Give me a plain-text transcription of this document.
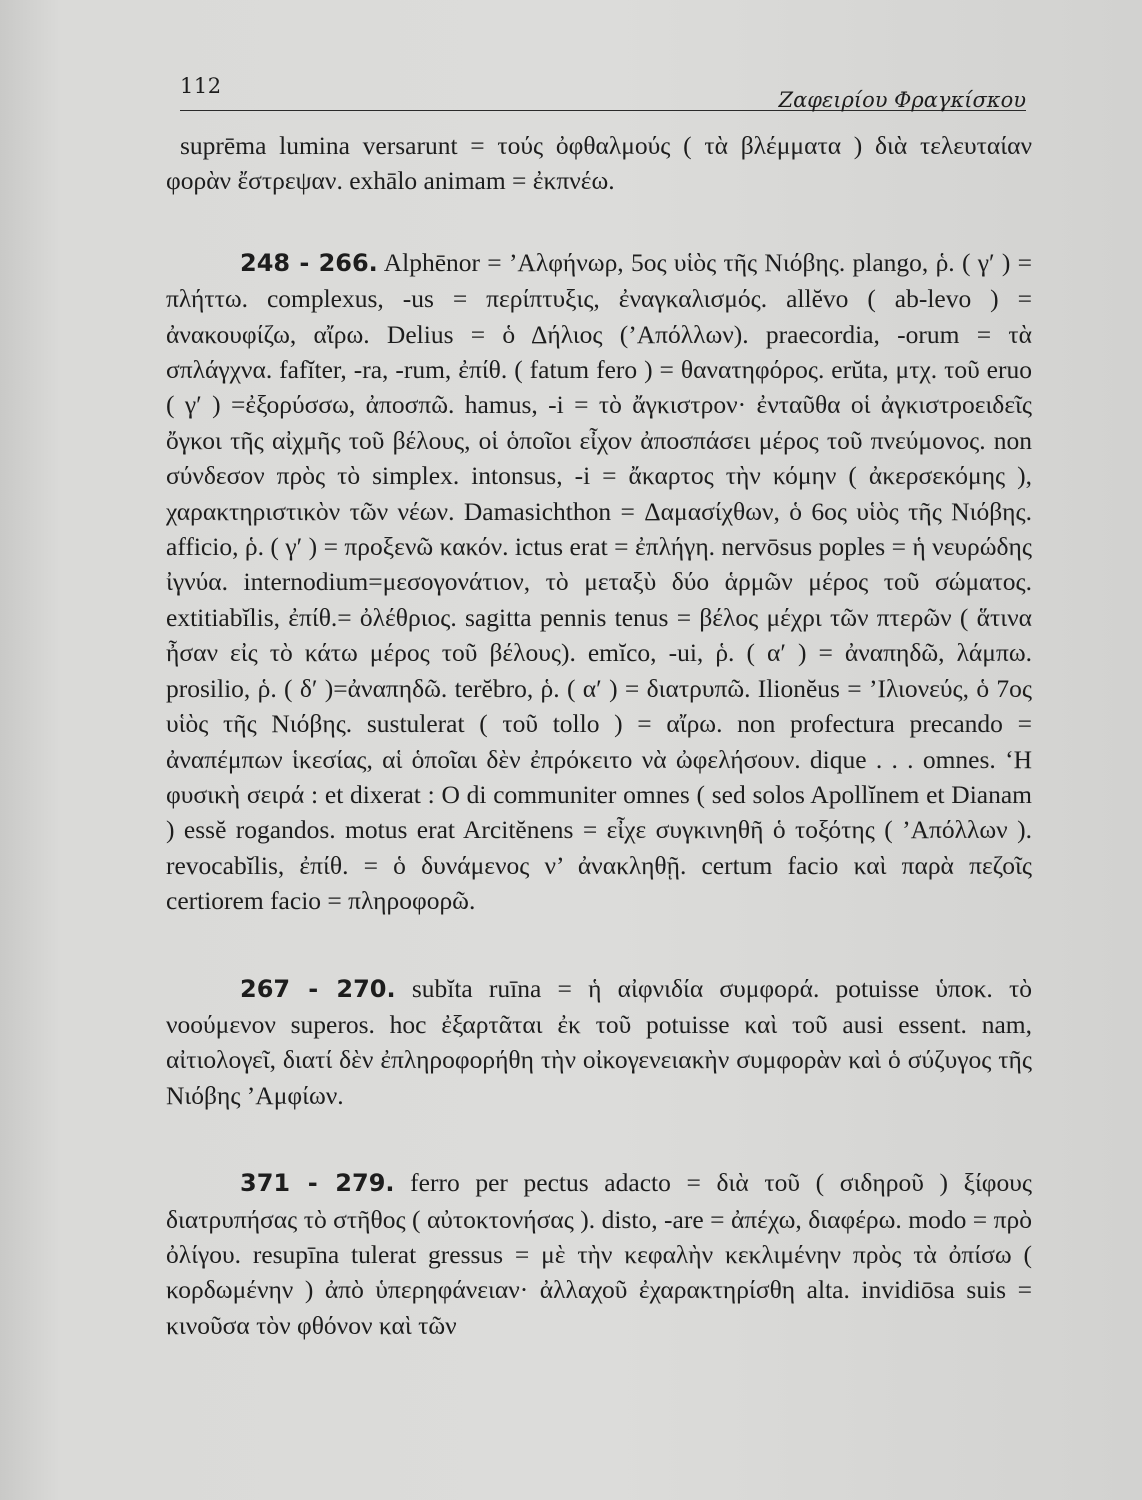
112
Ζαφειρίου Φραγκίσκου

suprēma lumina versarunt = τούς ὀφθαλμούς ( τὰ βλέμματα ) διὰ τελευταίαν φορὰν ἔστρεψαν. exhālo animam = ἐκπνέω.

248 - 266. Alphēnor = ’Αλφήνωρ, 5ος υἱὸς τῆς Νιόβης. plango, ῥ. ( γ′ ) = πλήττω. complexus, -us = περίπτυξις, ἐναγκαλισμός. allĕvo ( ab-levo ) = ἀνακουφίζω, αἴρω. Delius = ὁ Δήλιος (’Απόλλων). praecordia, -orum = τὰ σπλάγχνα. fafĭter, -ra, -rum, ἐπίθ. ( fatum fero ) = θανατηφόρος. erŭta, μτχ. τοῦ eruo ( γ′ ) =ἐξορύσσω, ἀποσπῶ. hamus, -i = τὸ ἄγκιστρον· ἐνταῦθα οἱ ἀγκιστροειδεῖς ὄγκοι τῆς αἰχμῆς τοῦ βέλους, οἱ ὁποῖοι εἶχον ἀποσπάσει μέρος τοῦ πνεύμονος. non σύνδεσον πρὸς τὸ simplex. intonsus, -i = ἄκαρτος τὴν κόμην ( ἀκερσεκόμης ), χαρακτηριστικὸν τῶν νέων. Damasichthon = Δαμασίχθων, ὁ 6ος υἱὸς τῆς Νιόβης. afficio, ῥ. ( γ′ ) = προξενῶ κακόν. ictus erat = ἐπλήγη. nervōsus poples = ἡ νευρώδης ἰγνύα. internodium=μεσογονάτιον, τὸ μεταξὺ δύο ἁρμῶν μέρος τοῦ σώματος. extitiabĭlis, ἐπίθ.= ὀλέθριος. sagitta pennis tenus = βέλος μέχρι τῶν πτερῶν ( ἅτινα ἦσαν εἰς τὸ κάτω μέρος τοῦ βέλους). emĭco, -ui, ῥ. ( α′ ) = ἀναπηδῶ, λάμπω. prosilio, ῥ. ( δ′ )=ἀναπηδῶ. terĕbro, ῥ. ( α′ ) = διατρυπῶ. Ilionĕus = ’Ιλιονεύς, ὁ 7ος υἱὸς τῆς Νιόβης. sustulerat ( τοῦ tollo ) = αἴρω. non profectura precando = ἀναπέμπων ἱκεσίας, αἱ ὁποῖαι δὲν ἐπρόκειτο νὰ ὠφελήσουν. dique . . . omnes. ‘Η φυσικὴ σειρά : et dixerat : O di communiter omnes ( sed solos Apollĭnem et Dianam ) essĕ rogandos. motus erat Arcitĕnens = εἶχε συγκινηθῆ ὁ τοξότης ( ’Απόλλων ). revocabĭlis, ἐπίθ. = ὁ δυνάμενος ν’ ἀνακληθῇ. certum facio καὶ παρὰ πεζοῖς certiorem facio = πληροφορῶ.

267 - 270. subĭta ruīna = ἡ αἰφνιδία συμφορά. potuisse ὑποκ. τὸ νοούμενον superos. hoc ἐξαρτᾶται ἐκ τοῦ potuisse καὶ τοῦ ausi essent. nam, αἰτιολογεῖ, διατί δὲν ἐπληροφορήθη τὴν οἰκογενειακὴν συμφορὰν καὶ ὁ σύζυγος τῆς Νιόβης ’Αμφίων.

371 - 279. ferro per pectus adacto = διὰ τοῦ ( σιδηροῦ ) ξίφους διατρυπήσας τὸ στῆθος ( αὐτοκτονήσας ). disto, -are = ἀπέχω, διαφέρω. modo = πρὸ ὀλίγου. resupīna tulerat gressus = μὲ τὴν κεφαλὴν κεκλιμένην πρὸς τὰ ὀπίσω ( κορδωμένην ) ἀπὸ ὑπερηφάνειαν· ἀλλαχοῦ ἐχαρακτηρίσθη alta. invidiōsa suis = κινοῦσα τὸν φθόνον καὶ τῶν
